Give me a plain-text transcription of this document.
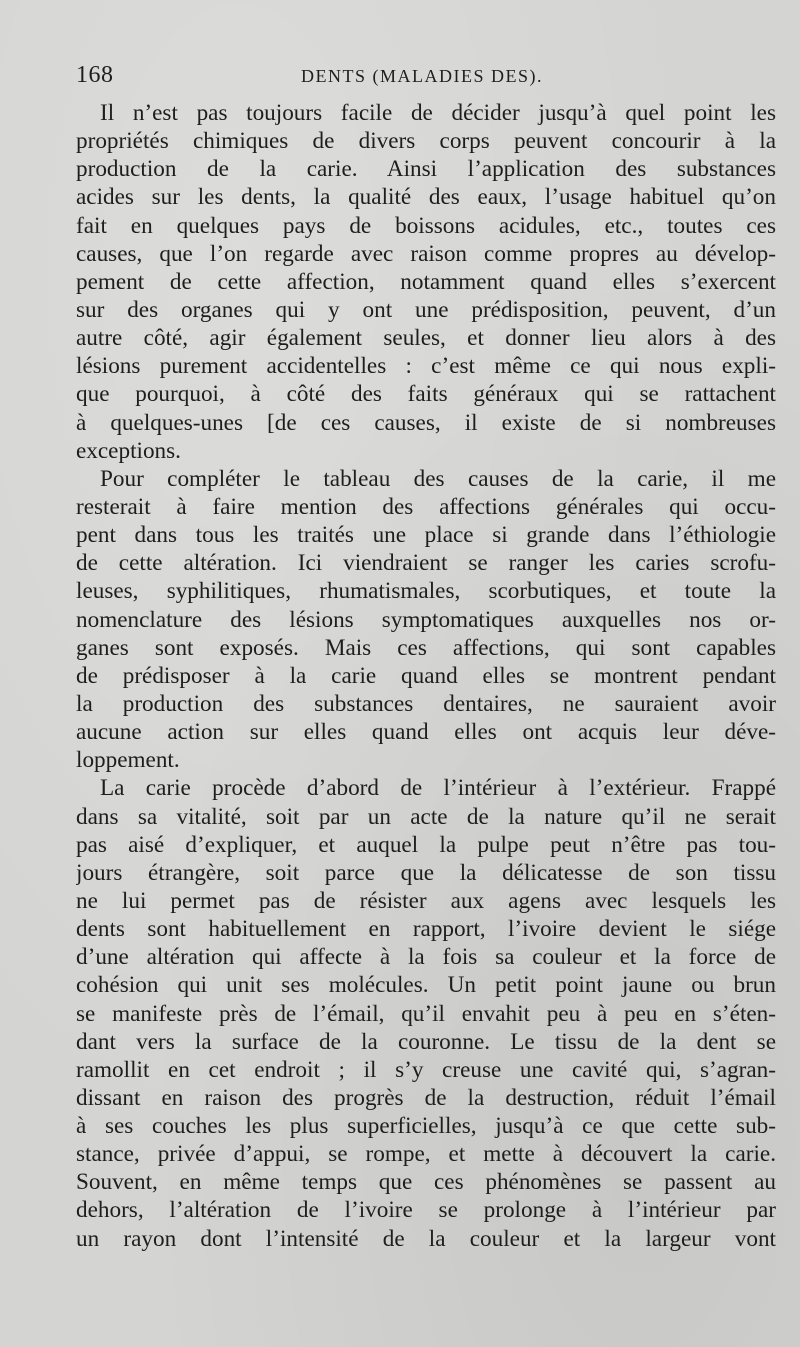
168	DENTS (MALADIES DES).
Il n’est pas toujours facile de décider jusqu’à quel point les
propriétés chimiques de divers corps peuvent concourir à la
production de la carie. Ainsi l’application des substances
acides sur les dents, la qualité des eaux, l’usage habituel qu’on
fait en quelques pays de boissons acidules, etc., toutes ces
causes, que l’on regarde avec raison comme propres au dévelop-
pement de cette affection, notamment quand elles s’exercent
sur des organes qui y ont une prédisposition, peuvent, d’un
autre côté, agir également seules, et donner lieu alors à des
lésions purement accidentelles : c’est même ce qui nous expli-
que pourquoi, à côté des faits généraux qui se rattachent
à quelques-unes [de ces causes, il existe de si nombreuses
exceptions.
Pour compléter le tableau des causes de la carie, il me
resterait à faire mention des affections générales qui occu-
pent dans tous les traités une place si grande dans l’éthiologie
de cette altération. Ici viendraient se ranger les caries scrofu-
leuses, syphilitiques, rhumatismales, scorbutiques, et toute la
nomenclature des lésions symptomatiques auxquelles nos or-
ganes sont exposés. Mais ces affections, qui sont capables
de prédisposer à la carie quand elles se montrent pendant
la production des substances dentaires, ne sauraient avoir
aucune action sur elles quand elles ont acquis leur déve-
loppement.
La carie procède d’abord de l’intérieur à l’extérieur. Frappé
dans sa vitalité, soit par un acte de la nature qu’il ne serait
pas aisé d’expliquer, et auquel la pulpe peut n’être pas tou-
jours étrangère, soit parce que la délicatesse de son tissu
ne lui permet pas de résister aux agens avec lesquels les
dents sont habituellement en rapport, l’ivoire devient le siége
d’une altération qui affecte à la fois sa couleur et la force de
cohésion qui unit ses molécules. Un petit point jaune ou brun
se manifeste près de l’émail, qu’il envahit peu à peu en s’éten-
dant vers la surface de la couronne. Le tissu de la dent se
ramollit en cet endroit ; il s’y creuse une cavité qui, s’agran-
dissant en raison des progrès de la destruction, réduit l’émail
à ses couches les plus superficielles, jusqu’à ce que cette sub-
stance, privée d’appui, se rompe, et mette à découvert la carie.
Souvent, en même temps que ces phénomènes se passent au
dehors, l’altération de l’ivoire se prolonge à l’intérieur par
un rayon dont l’intensité de la couleur et la largeur vont
